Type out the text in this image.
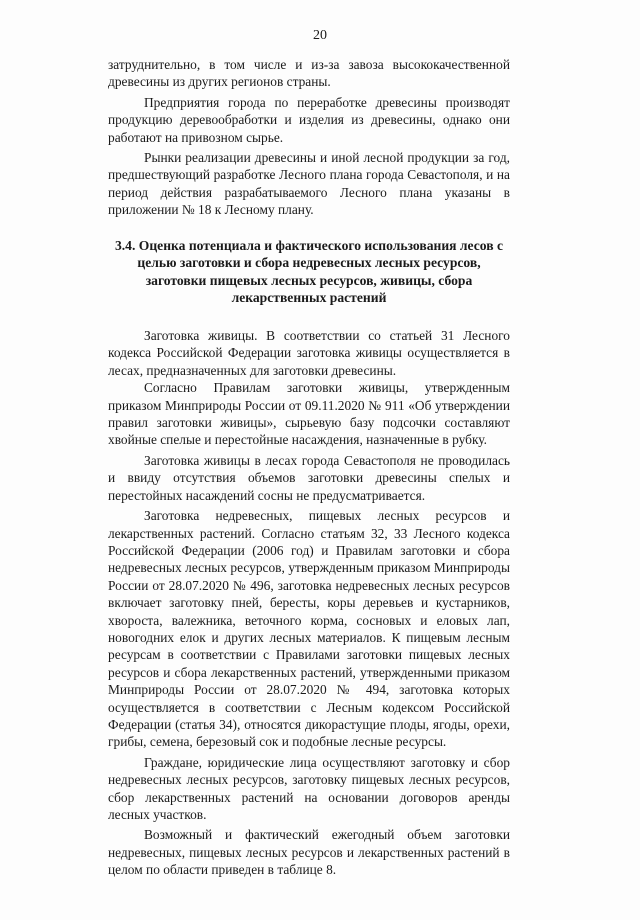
20

затруднительно, в том числе и из-за завоза высококачественной древесины из других регионов страны.

Предприятия города по переработке древесины производят продукцию деревообработки и изделия из древесины, однако они работают на привозном сырье.

Рынки реализации древесины и иной лесной продукции за год, предшествующий разработке Лесного плана города Севастополя, и на период действия разрабатываемого Лесного плана указаны в приложении № 18 к Лесному плану.

3.4. Оценка потенциала и фактического использования лесов с целью заготовки и сбора недревесных лесных ресурсов, заготовки пищевых лесных ресурсов, живицы, сбора лекарственных растений

Заготовка живицы. В соответствии со статьей 31 Лесного кодекса Российской Федерации заготовка живицы осуществляется в лесах, предназначенных для заготовки древесины.

Согласно Правилам заготовки живицы, утвержденным приказом Минприроды России от 09.11.2020 № 911 «Об утверждении правил заготовки живицы», сырьевую базу подсочки составляют хвойные спелые и перестойные насаждения, назначенные в рубку.

Заготовка живицы в лесах города Севастополя не проводилась и ввиду отсутствия объемов заготовки древесины спелых и перестойных насаждений сосны не предусматривается.

Заготовка недревесных, пищевых лесных ресурсов и лекарственных растений. Согласно статьям 32, 33 Лесного кодекса Российской Федерации (2006 год) и Правилам заготовки и сбора недревесных лесных ресурсов, утвержденным приказом Минприроды России от 28.07.2020 № 496, заготовка недревесных лесных ресурсов включает заготовку пней, бересты, коры деревьев и кустарников, хвороста, валежника, веточного корма, сосновых и еловых лап, новогодних елок и других лесных материалов. К пищевым лесным ресурсам в соответствии с Правилами заготовки пищевых лесных ресурсов и сбора лекарственных растений, утвержденными приказом Минприроды России от 28.07.2020 № 494, заготовка которых осуществляется в соответствии с Лесным кодексом Российской Федерации (статья 34), относятся дикорастущие плоды, ягоды, орехи, грибы, семена, березовый сок и подобные лесные ресурсы.

Граждане, юридические лица осуществляют заготовку и сбор недревесных лесных ресурсов, заготовку пищевых лесных ресурсов, сбор лекарственных растений на основании договоров аренды лесных участков.

Возможный и фактический ежегодный объем заготовки недревесных, пищевых лесных ресурсов и лекарственных растений в целом по области приведен в таблице 8.
